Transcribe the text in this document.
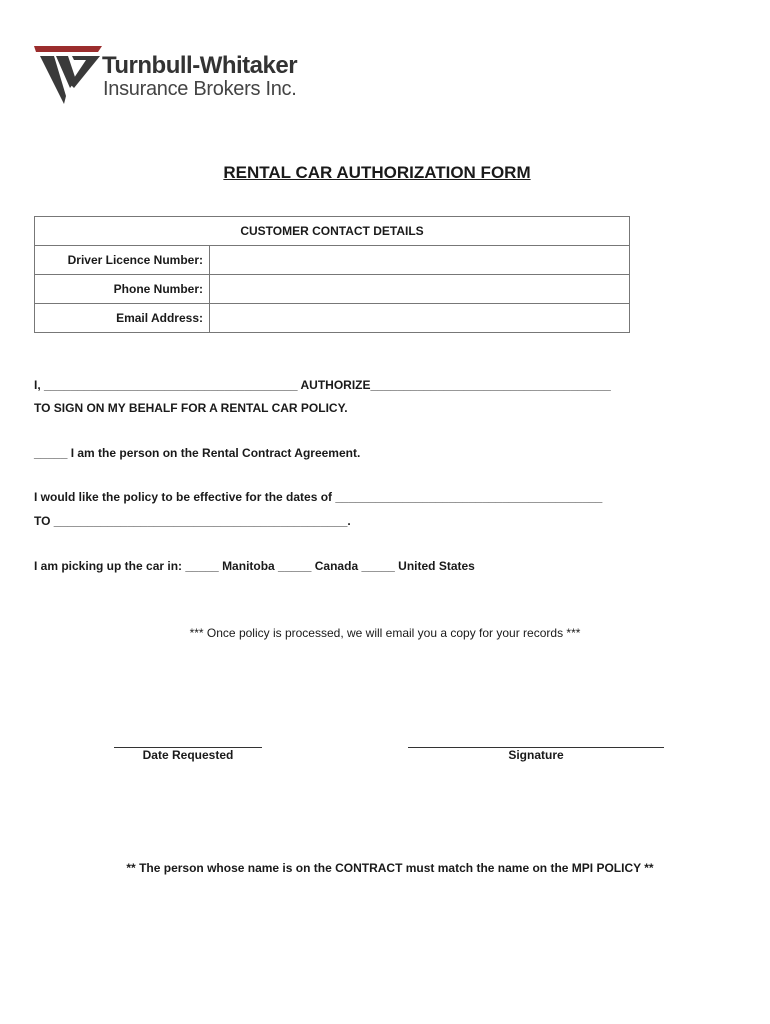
Turnbull-Whitaker
Insurance Brokers Inc.
RENTAL CAR AUTHORIZATION FORM
CUSTOMER CONTACT DETAILS	
Driver Licence Number:	
Phone Number:	
Email Address:	
I, ______________________________________ AUTHORIZE____________________________________
TO SIGN ON MY BEHALF FOR A RENTAL CAR POLICY.
_____ I am the person on the Rental Contract Agreement.
I would like the policy to be effective for the dates of ________________________________________
TO ____________________________________________.
I am picking up the car in: _____ Manitoba _____ Canada _____ United States
*** Once policy is processed, we will email you a copy for your records ***
Date Requested	Signature
** The person whose name is on the CONTRACT must match the name on the MPI POLICY **
